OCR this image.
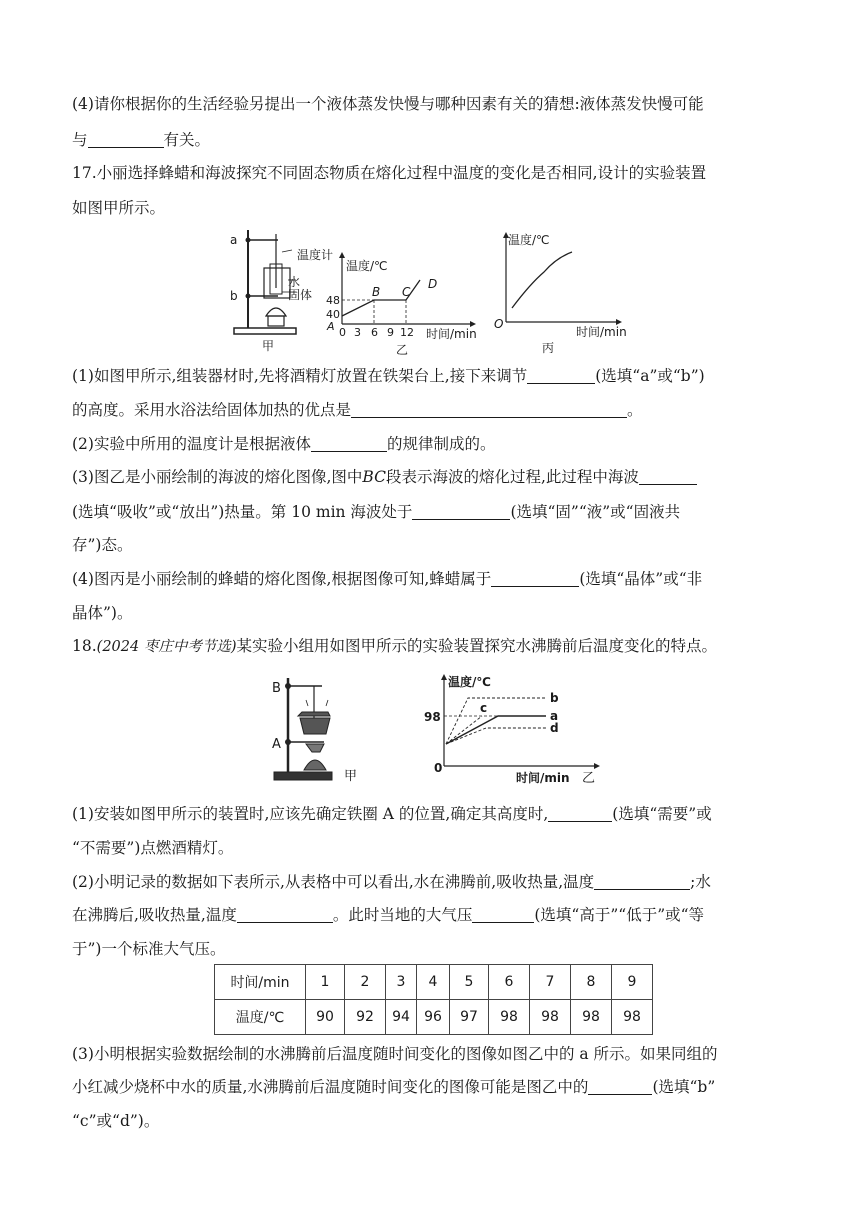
(4)请你根据你的生活经验另提出一个液体蒸发快慢与哪种因素有关的猜想:液体蒸发快慢可能
与	有关。
17.小丽选择蜂蜡和海波探究不同固态物质在熔化过程中温度的变化是否相同,设计的实验装置
如图甲所示。
a
b
甲
温度计
水
固体
温度/℃
48
40
A 0 3 6 9 12
B C
D
时间/min
乙
温度/℃
O
时间/min
丙
(1)如图甲所示,组装器材时,先将酒精灯放置在铁架台上,接下来调节	(选填“a”或“b”)
的高度。采用水浴法给固体加热的优点是	。
(2)实验中所用的温度计是根据液体	的规律制成的。
(3)图乙是小丽绘制的海波的熔化图像,图中BC段表示海波的熔化过程,此过程中海波
(选填“吸收”或“放出”)热量。第 10 min 海波处于	(选填“固”“液”或“固液共
存”)态。
(4)图丙是小丽绘制的蜂蜡的熔化图像,根据图像可知,蜂蜡属于	(选填“晶体”或“非
晶体”)。
18.(2024 枣庄中考节选)某实验小组用如图甲所示的实验装置探究水沸腾前后温度变化的特点。
B
A
甲
温度/℃
98
0
b
c
a
d
时间/min 乙
(1)安装如图甲所示的装置时,应该先确定铁圈 A 的位置,确定其高度时,	(选填“需要”或
“不需要”)点燃酒精灯。
(2)小明记录的数据如下表所示,从表格中可以看出,水在沸腾前,吸收热量,温度	;水
在沸腾后,吸收热量,温度	。此时当地的大气压	(选填“高于”“低于”或“等
于”)一个标准大气压。
时间/min	1	2	3	4	5	6	7	8	9
温度/℃	90	92	94	96	97	98	98	98	98
(3)小明根据实验数据绘制的水沸腾前后温度随时间变化的图像如图乙中的 a 所示。如果同组的
小红减少烧杯中水的质量,水沸腾前后温度随时间变化的图像可能是图乙中的	(选填“b”
“c”或“d”)。
